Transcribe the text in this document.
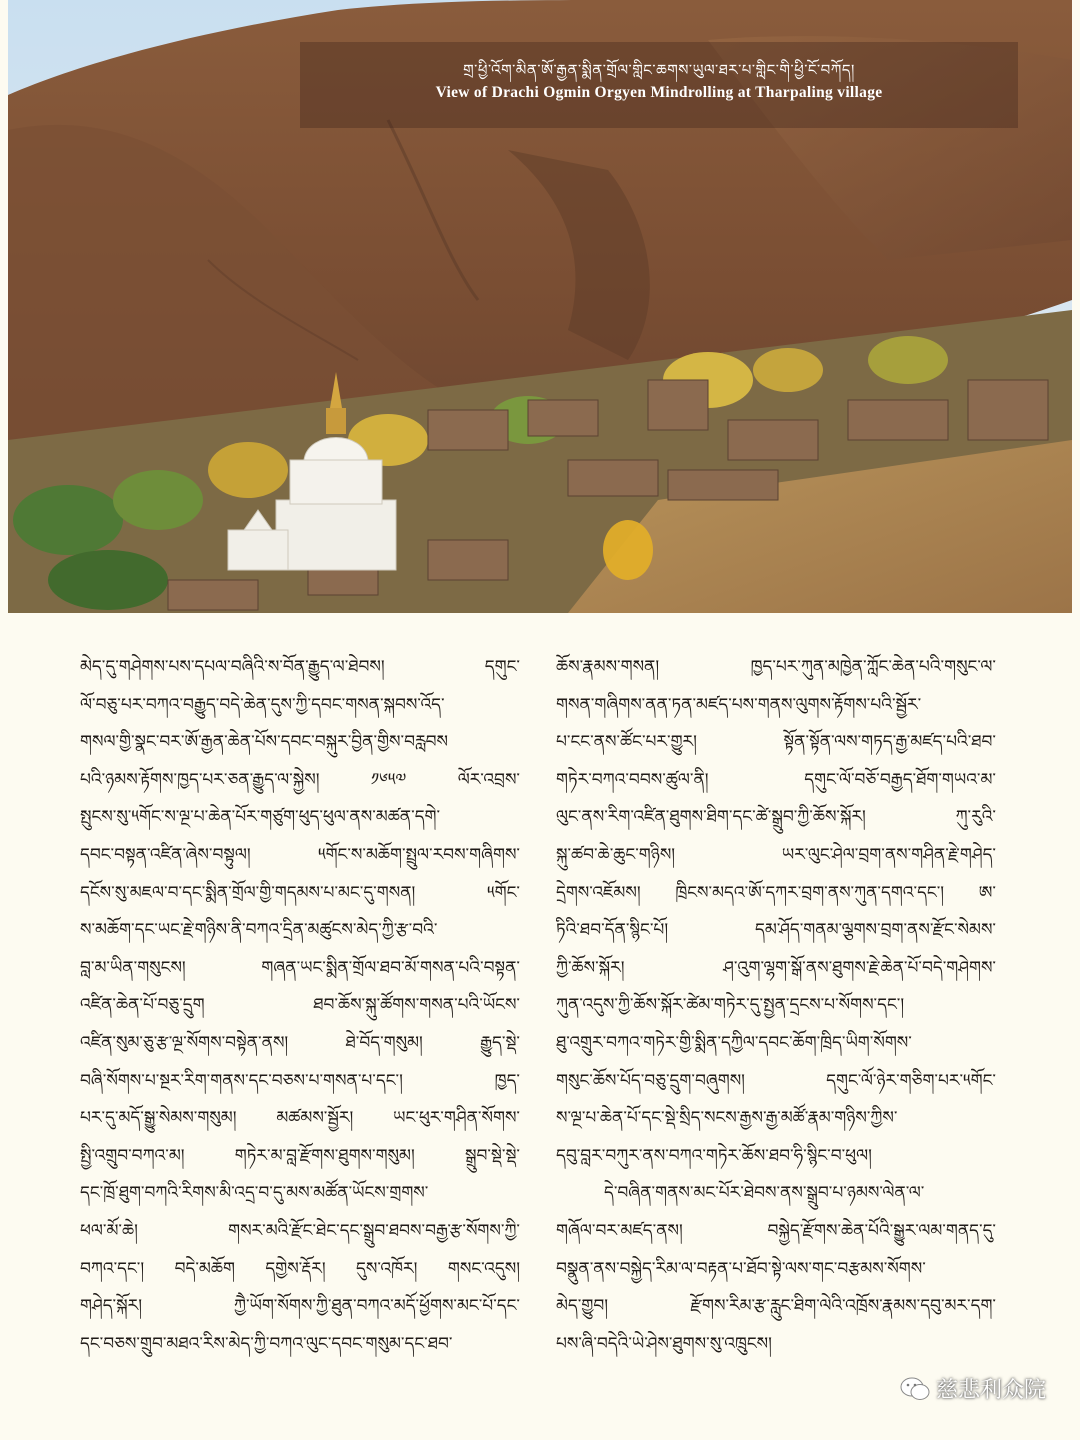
གྲ་ཕྱི་འོག་མིན་ཨོ་རྒྱན་སྨིན་གྲོལ་གླིང་ཆགས་ཡུལ་ཐར་པ་གླིང་གི་ཕྱི་ངོ་བཀོད།
View of Drachi Ogmin Orgyen Mindrolling at Tharpaling village
མེད་དུ་གཤེགས་པས་དཔལ་བཞིའི་ས་བོན་རྒྱུད་ལ་ཐེབས། དགུང་
ལོ་བཅུ་པར་བཀའ་བརྒྱུད་བདེ་ཆེན་དུས་ཀྱི་དབང་གསན་སྐབས་འོད་
གསལ་གྱི་སྣང་བར་ཨོ་རྒྱན་ཆེན་པོས་དབང་བསྐུར་བྱིན་གྱིས་བརླབས
པའི་ཉམས་རྟོགས་ཁྱད་པར་ཅན་རྒྱུད་ལ་སྐྱེས། ༡༦༥༧ ལོར་འབྲས་
སྤུངས་སུ་༥གོང་ས་ལྔ་པ་ཆེན་པོར་གཙུག་ཕུད་ཕུལ་ནས་མཚན་དགེ་
དབང་བསྟན་འཛིན་ཞེས་བསྟུལ། ༥གོང་ས་མཆོག་སྤྲུལ་རབས་གཞིགས་
དངོས་སུ་མཇལ་བ་དང་སྨིན་གྲོལ་གྱི་གདམས་པ་མང་དུ་གསན། ༥གོང་
ས་མཆོག་དང་ཡང་རྗེ་གཉིས་ནི་བཀའ་དྲིན་མཚུངས་མེད་ཀྱི་རྩ་བའི་
བླ་མ་ཡིན་གསུངས། གཞན་ཡང་སྨིན་གྲོལ་ཐབ་མོ་གསན་པའི་བསྟན་
འཛིན་ཆེན་པོ་བཅུ་དྲུག ཐབ་ཆོས་སྐུ་ཚོགས་གསན་པའི་ཡོངས་
འཛིན་སུམ་ཅུ་རྩ་ལྔ་སོགས་བསྟེན་ནས། ཐེ་བོད་གསུམ། རྒྱུད་སྡེ་
བཞི་སོགས་པ་སྔར་རིག་གནས་དང་བཅས་པ་གསན་པ་དང་། ཁྱད་
པར་དུ་མདོ་སྒྱུ་སེམས་གསུམ། མཚམས་སྦྱོར། ཡང་ཕུར་གཤིན་སོགས་
སྤྱི་འགྲུབ་བཀའ་མ། གཏེར་མ་བླ་རྫོགས་ཐུགས་གསུམ། སྒྲུབ་སྡེ་སྡེ་
དང་ཁྲོ་ཐུག་བཀའི་རིགས་མི་འདྲ་བ་དུ་མས་མཚོན་ཡོངས་གྲགས་
ཕལ་མོ་ཆེ། གསར་མའི་རྫོང་ཐེང་དང་སྒྲུབ་ཐབས་བརྒྱ་རྩ་སོགས་ཀྱི་
བཀའ་དང་། བདེ་མཆོག དགྱེས་རྡོར། དུས་འཁོར། གསང་འདུས།
གཤེད་སྐོར། ཀྱཻ་ཡོག་སོགས་ཀྱི་ཐུན་བཀའ་མདོ་ཕྱོགས་མང་པོ་དང་
དང་བཅས་གྲུབ་མཐའ་རིས་མེད་ཀྱི་བཀའ་ལུང་དབང་གསུམ་དང་ཐབ་
ཆོས་རྣམས་གསན། ཁྱད་པར་ཀུན་མཁྱེན་ཀློང་ཆེན་པའི་གསུང་ལ་
གསན་གཞིགས་ནན་ཏན་མཛད་པས་གནས་ལུགས་རྟོགས་པའི་སྦྱོར་
པ་ངང་ནས་ཚོང་པར་གྱུར། སྟོན་སྟོན་ལས་གཏད་རྒྱ་མཛད་པའི་ཐབ་
གཏེར་བཀའ་བབས་ཚུལ་ནི། དགུང་ལོ་བཅོ་བརྒྱད་ཐོག་གཡའ་མ་
ལུང་ནས་རིག་འཛིན་ཐུགས་ཐིག་དང་ཚེ་སྒྲུབ་ཀྱི་ཆོས་སྐོར། ཀུ་རུའི་
སྐུ་ཚབ་ཆེ་ཆུང་གཉིས། ཡར་ལུང་ཤེལ་བྲག་ནས་གཤིན་རྗེ་གཤེད་
དྲེགས་འཇོམས། ཁྲིངས་མདའ་ཨོ་དཀར་བྲག་ནས་ཀུན་དགའ་དང་། ཨ་
ཏིའི་ཐབ་དོན་སྙིང་པོ། དམ་ཤོད་གནམ་ལྕགས་བྲག་ནས་རྫོང་སེམས་
ཀྱི་ཆོས་སྐོར། ཤ་འུག་ལྷག་སྒོ་ནས་ཐུགས་རྗེ་ཆེན་པོ་བདེ་གཤེགས་
ཀུན་འདུས་ཀྱི་ཆོས་སྐོར་ཚེམ་གཏེར་དུ་སྤྱན་དྲངས་པ་སོགས་དང་།
ཐུ་འགྲུར་བཀའ་གཏེར་གྱི་སྨིན་དཀྱིལ་དབང་ཆོག་ཁྲིད་ཡིག་སོགས་
གསུང་ཆོས་པོད་བཅུ་དྲུག་བཞུགས། དགུང་ལོ་ཉེར་གཅིག་པར་༥གོང་
ས་ལྔ་པ་ཆེན་པོ་དང་སྡེ་སྲིད་སངས་རྒྱས་རྒྱ་མཚོ་རྣམ་གཉིས་ཀྱིས་
དབུ་བླར་བཀུར་ནས་བཀའ་གཏེར་ཆོས་ཐབ་ཧི་སྙིང་བ་ཕུལ།
དེ་བཞིན་གནས་མང་པོར་ཐེབས་ནས་སྒྲུབ་པ་ཉམས་ལེན་ལ་
གཞོལ་བར་མཛད་ནས། བསྐྱེད་རྫོགས་ཆེན་པོའི་སྒྱུར་ལམ་གནད་དུ་
བསྣུན་ནས་བསྐྱེད་རིམ་ལ་བརྟན་པ་ཐོབ་སྟེ་ལས་གང་བརྩམས་སོགས་
མེད་གྱུབ། རྫོགས་རིམ་རྩ་རླུང་ཐིག་ལེའི་འཁྲོས་རྣམས་དབུ་མར་དག་
པས་ཞི་བདེའི་ཡེ་ཤེས་ཐུགས་སུ་འཁྲུངས།
慈悲利众院
